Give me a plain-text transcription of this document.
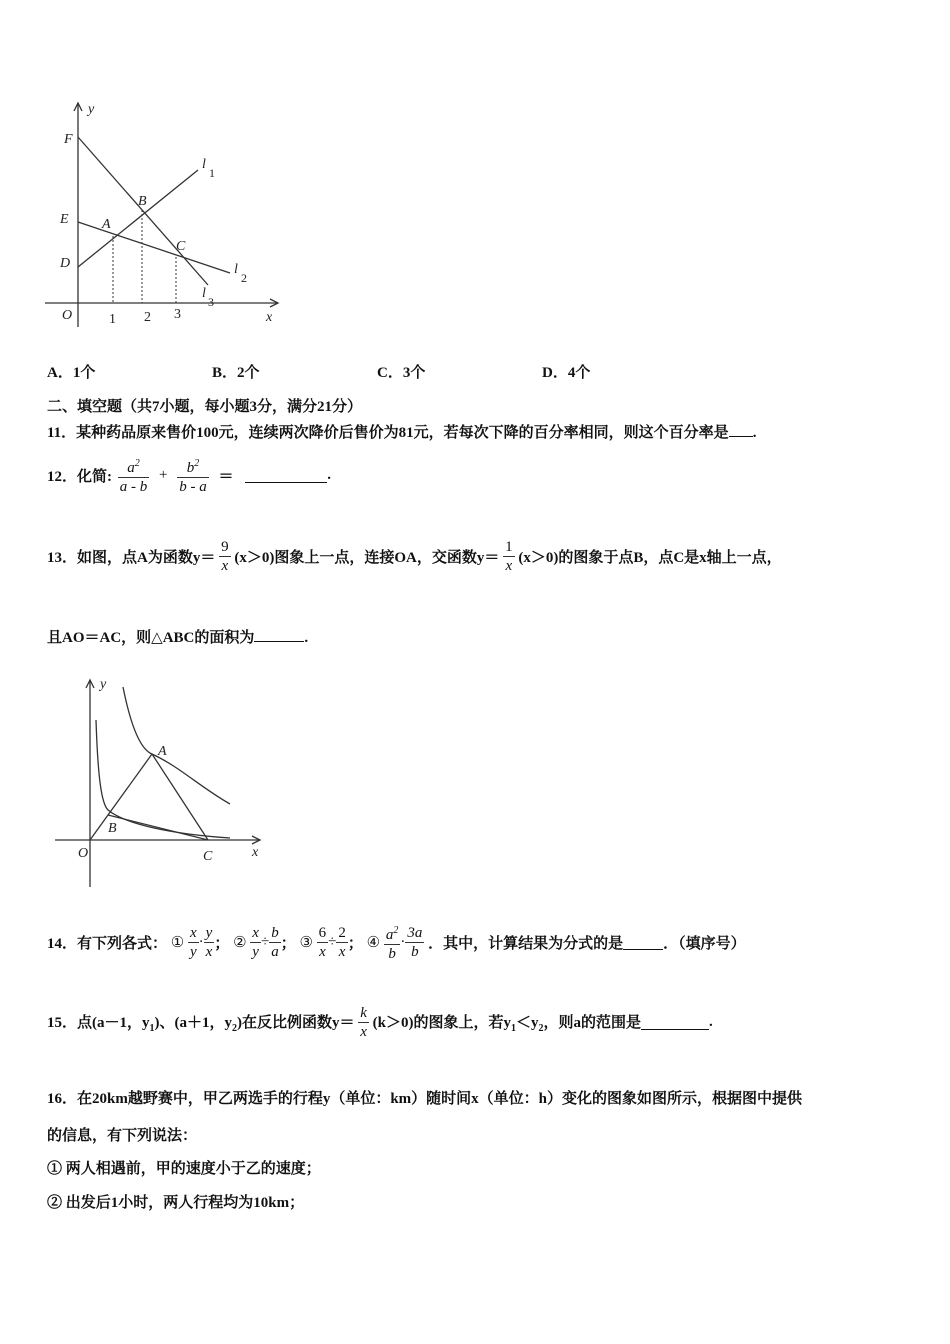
y
x
O
F
E
D
A
B
C
l
1
l
2
l
3
1 2 3
A．1个	B．2个	C．3个	D．4个
二、填空题（共7小题，每小题3分，满分21分）
11．某种药品原来售价100元，连续两次降价后售价为81元，若每次下降的百分率相同，则这个百分率是 .
12．化简: $\frac{a^2}{a - b} + \frac{b^2}{b - a}$ ＝	.
13．如图，点A为函数$y= \frac{9}{x} (x>0)$图象上一点，连接OA，交函数$y= \frac{1}{x} (x>0)$的图象于点B，点C是x轴上一点，
且AO＝AC，则△ABC的面积为	.
y
x
O
A
B
C
14．有下列各式： ① $\frac{x}{y} \cdot \frac{y}{x}$ ； ② $\frac{x}{y} \div \frac{b}{a}$ ； ③ $\frac{6}{x} \div \frac{2}{x}$ ； ④ $\frac{a^2}{b} \cdot \frac{3a}{b}$ ．其中，计算结果为分式的是	．（填序号）
15．点(a－1，$y_1$)、(a＋1，$y_2$)在反比例函数$y= \frac{k}{x} (k>0)$的图象上，若$y_1<y_2$，则a的范围是	.
16．在20km越野赛中，甲乙两选手的行程y（单位：km）随时间x（单位：h）变化的图象如图所示，根据图中提供
的信息，有下列说法：
① 两人相遇前，甲的速度小于乙的速度；
② 出发后1小时，两人行程均为10km；
